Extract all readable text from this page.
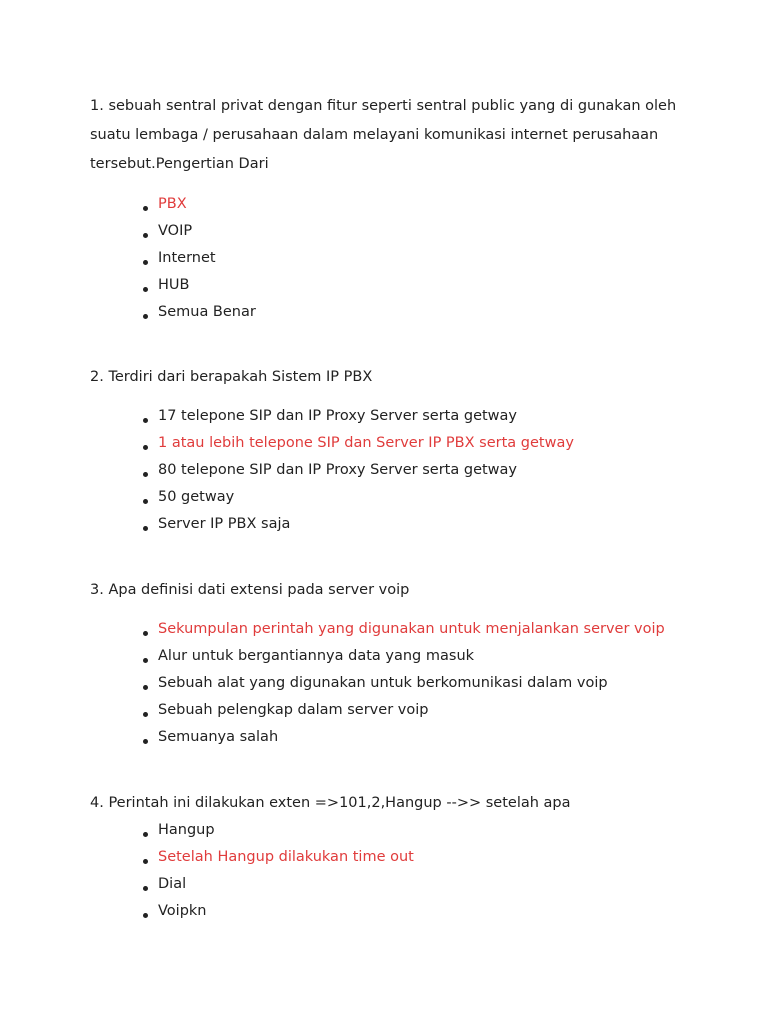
1. sebuah sentral privat dengan fitur seperti sentral public yang di gunakan oleh suatu lembaga / perusahaan dalam melayani komunikasi internet perusahaan tersebut.Pengertian Dari

PBX
VOIP
Internet
HUB
Semua Benar

2. Terdiri dari berapakah Sistem IP PBX

17 telepone SIP dan IP Proxy Server serta getway
1 atau lebih telepone SIP dan Server IP PBX serta getway
80 telepone SIP dan IP Proxy Server serta getway
50 getway
Server IP PBX saja

3. Apa definisi dati extensi pada server voip

Sekumpulan perintah yang digunakan untuk menjalankan server voip
Alur untuk bergantiannya data yang masuk
Sebuah alat yang digunakan untuk berkomunikasi dalam voip
Sebuah pelengkap dalam server voip
Semuanya salah

4. Perintah ini dilakukan exten =>101,2,Hangup -->> setelah apa

Hangup
Setelah Hangup dilakukan time out
Dial
Voipkn
